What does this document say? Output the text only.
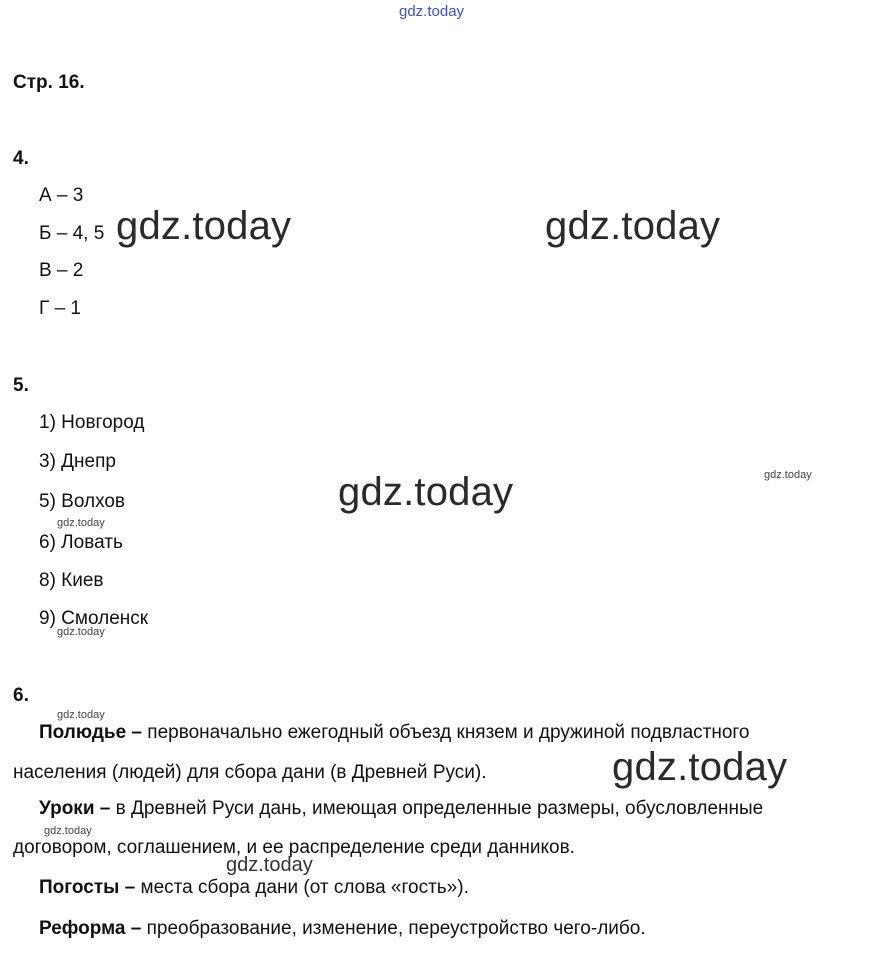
gdz.today
Стр. 16.
4.
А – 3
Б – 4, 5
В – 2
Г – 1
gdz.today	gdz.today
5.
1) Новгород
3) Днепр
5) Волхов
6) Ловать
8) Киев
9) Смоленск
gdz.today	gdz.today
gdz.today
gdz.today
6.
gdz.today
Полюдье – первоначально ежегодный объезд князем и дружиной подвластного
населения (людей) для сбора дани (в Древней Руси).	gdz.today
Уроки – в Древней Руси дань, имеющая определенные размеры, обусловленные
gdz.today
договором, соглашением, и ее распределение среди данников.
gdz.today
Погосты – места сбора дани (от слова «гость»).
Реформа – преобразование, изменение, переустройство чего-либо.
